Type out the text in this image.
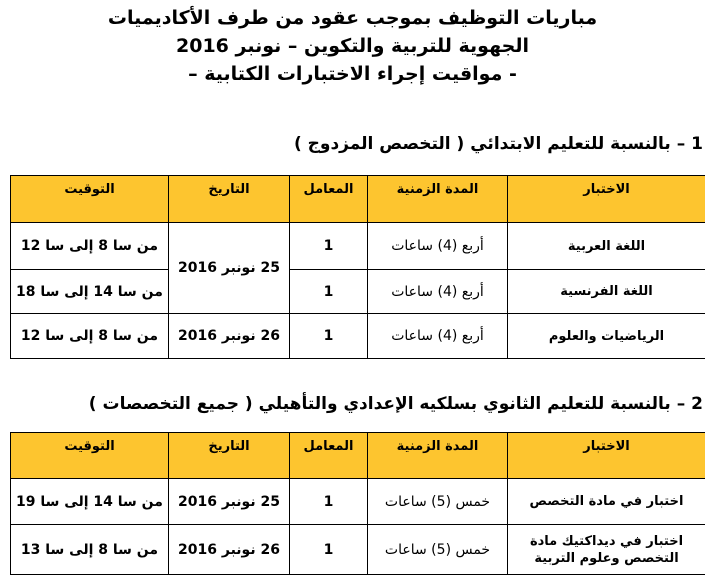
مباريات التوظيف بموجب عقود من طرف الأكاديميات
الجهوية للتربية والتكوين – نونبر 2016
- مواقيت إجراء الاختبارات الكتابية –
1 – بالنسبة للتعليم الابتدائي ( التخصص المزدوج )
الاختبار	المدة الزمنية	المعامل	التاريخ	التوقيت
اللغة العربية	أربع (4) ساعات	1	25 نونبر 2016	من سا 8 إلى سا 12
اللغة الفرنسية	أربع (4) ساعات	1		من سا 14 إلى سا 18
الرياضيات والعلوم	أربع (4) ساعات	1	26 نونبر 2016	من سا 8 إلى سا 12
2 – بالنسبة للتعليم الثانوي بسلكيه الإعدادي والتأهيلي ( جميع التخصصات )
الاختبار	المدة الزمنية	المعامل	التاريخ	التوقيت
اختبار في مادة التخصص	خمس (5) ساعات	1	25 نونبر 2016	من سا 14 إلى سا 19
اختبار في ديداكتيك مادة التخصص وعلوم التربية	خمس (5) ساعات	1	26 نونبر 2016	من سا 8 إلى سا 13
